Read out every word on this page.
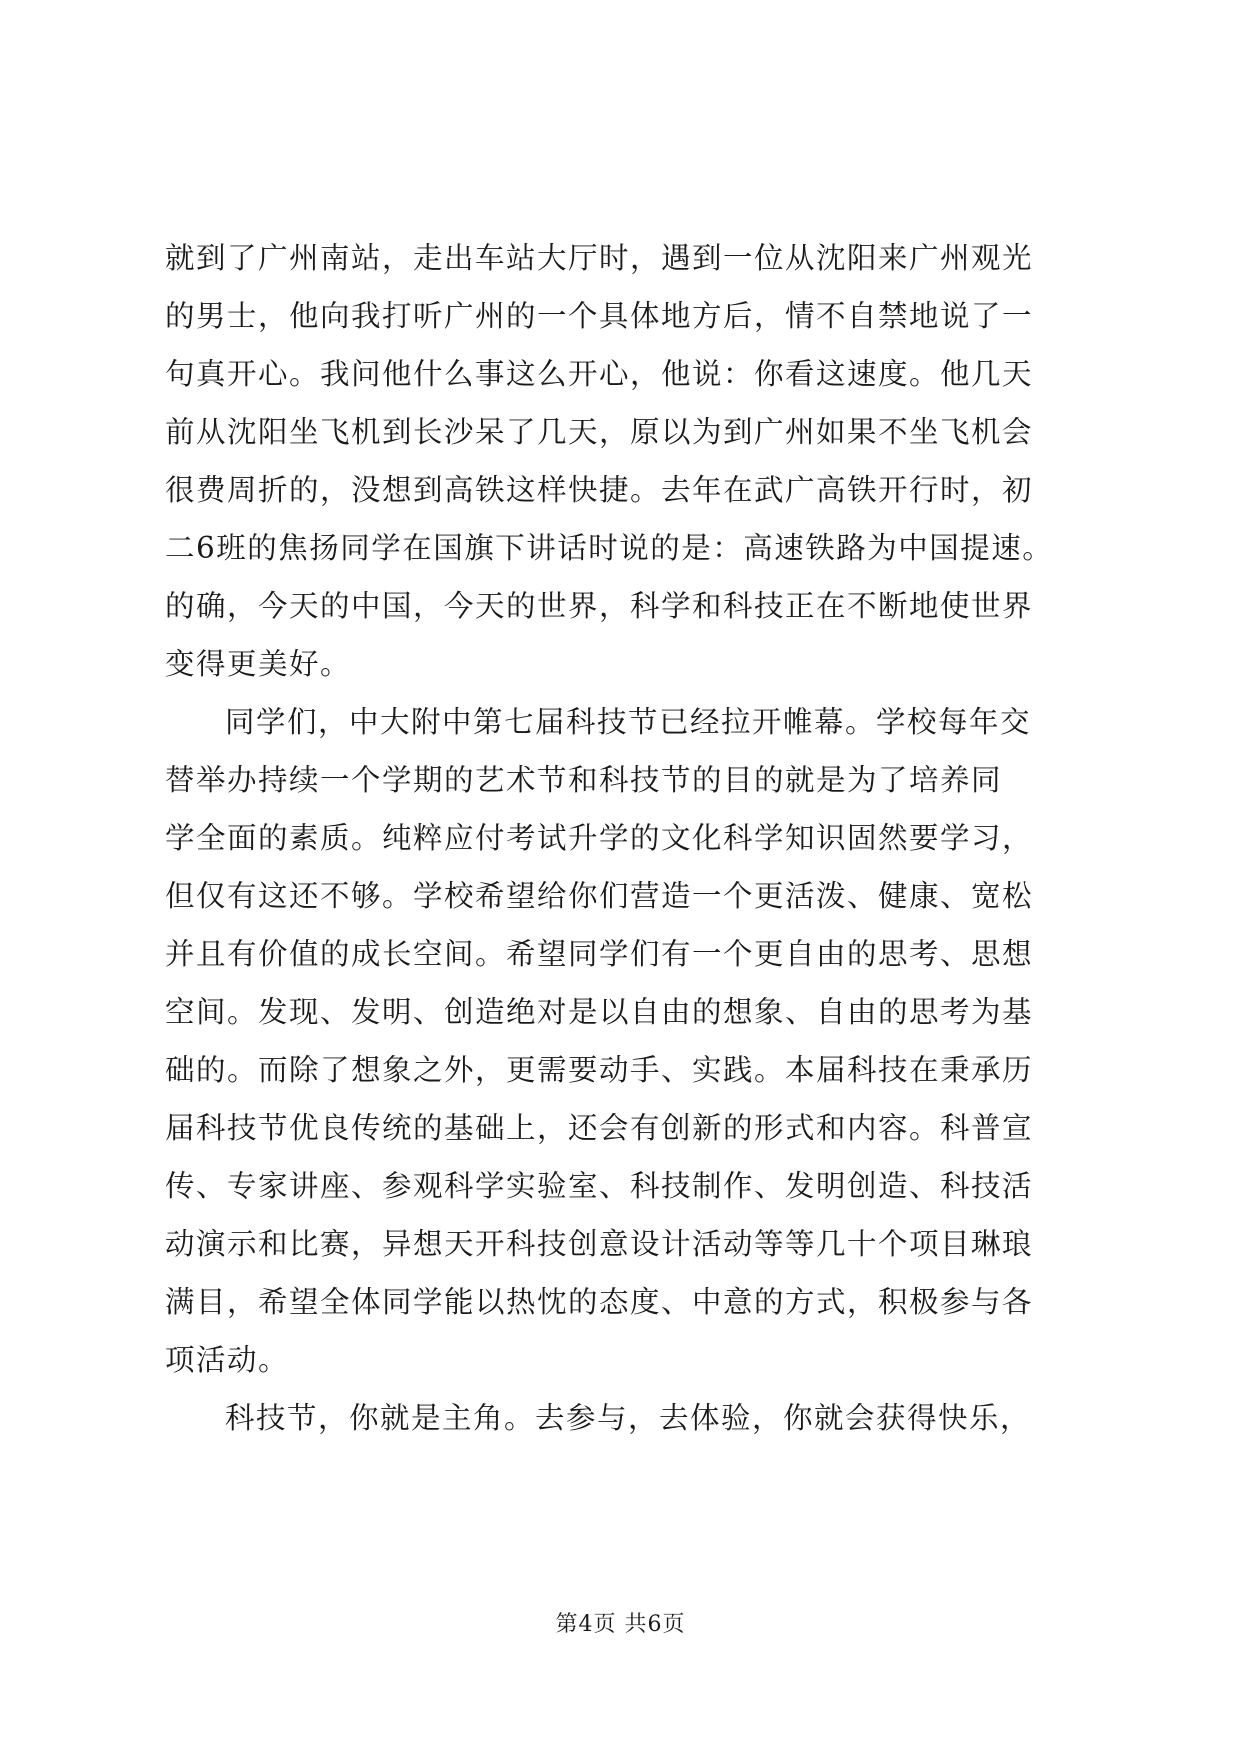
就到了广州南站，走出车站大厅时，遇到一位从沈阳来广州观光
的男士，他向我打听广州的一个具体地方后，情不自禁地说了一
句真开心。我问他什么事这么开心，他说：你看这速度。他几天
前从沈阳坐飞机到长沙呆了几天，原以为到广州如果不坐飞机会
很费周折的，没想到高铁这样快捷。去年在武广高铁开行时，初
二6班的焦扬同学在国旗下讲话时说的是：高速铁路为中国提速。
的确，今天的中国，今天的世界，科学和科技正在不断地使世界
变得更美好。
同学们，中大附中第七届科技节已经拉开帷幕。学校每年交
替举办持续一个学期的艺术节和科技节的目的就是为了培养同
学全面的素质。纯粹应付考试升学的文化科学知识固然要学习，
但仅有这还不够。学校希望给你们营造一个更活泼、健康、宽松
并且有价值的成长空间。希望同学们有一个更自由的思考、思想
空间。发现、发明、创造绝对是以自由的想象、自由的思考为基
础的。而除了想象之外，更需要动手、实践。本届科技在秉承历
届科技节优良传统的基础上，还会有创新的形式和内容。科普宣
传、专家讲座、参观科学实验室、科技制作、发明创造、科技活
动演示和比赛，异想天开科技创意设计活动等等几十个项目琳琅
满目，希望全体同学能以热忱的态度、中意的方式，积极参与各
项活动。
科技节，你就是主角。去参与，去体验，你就会获得快乐，
第4页 共6页
